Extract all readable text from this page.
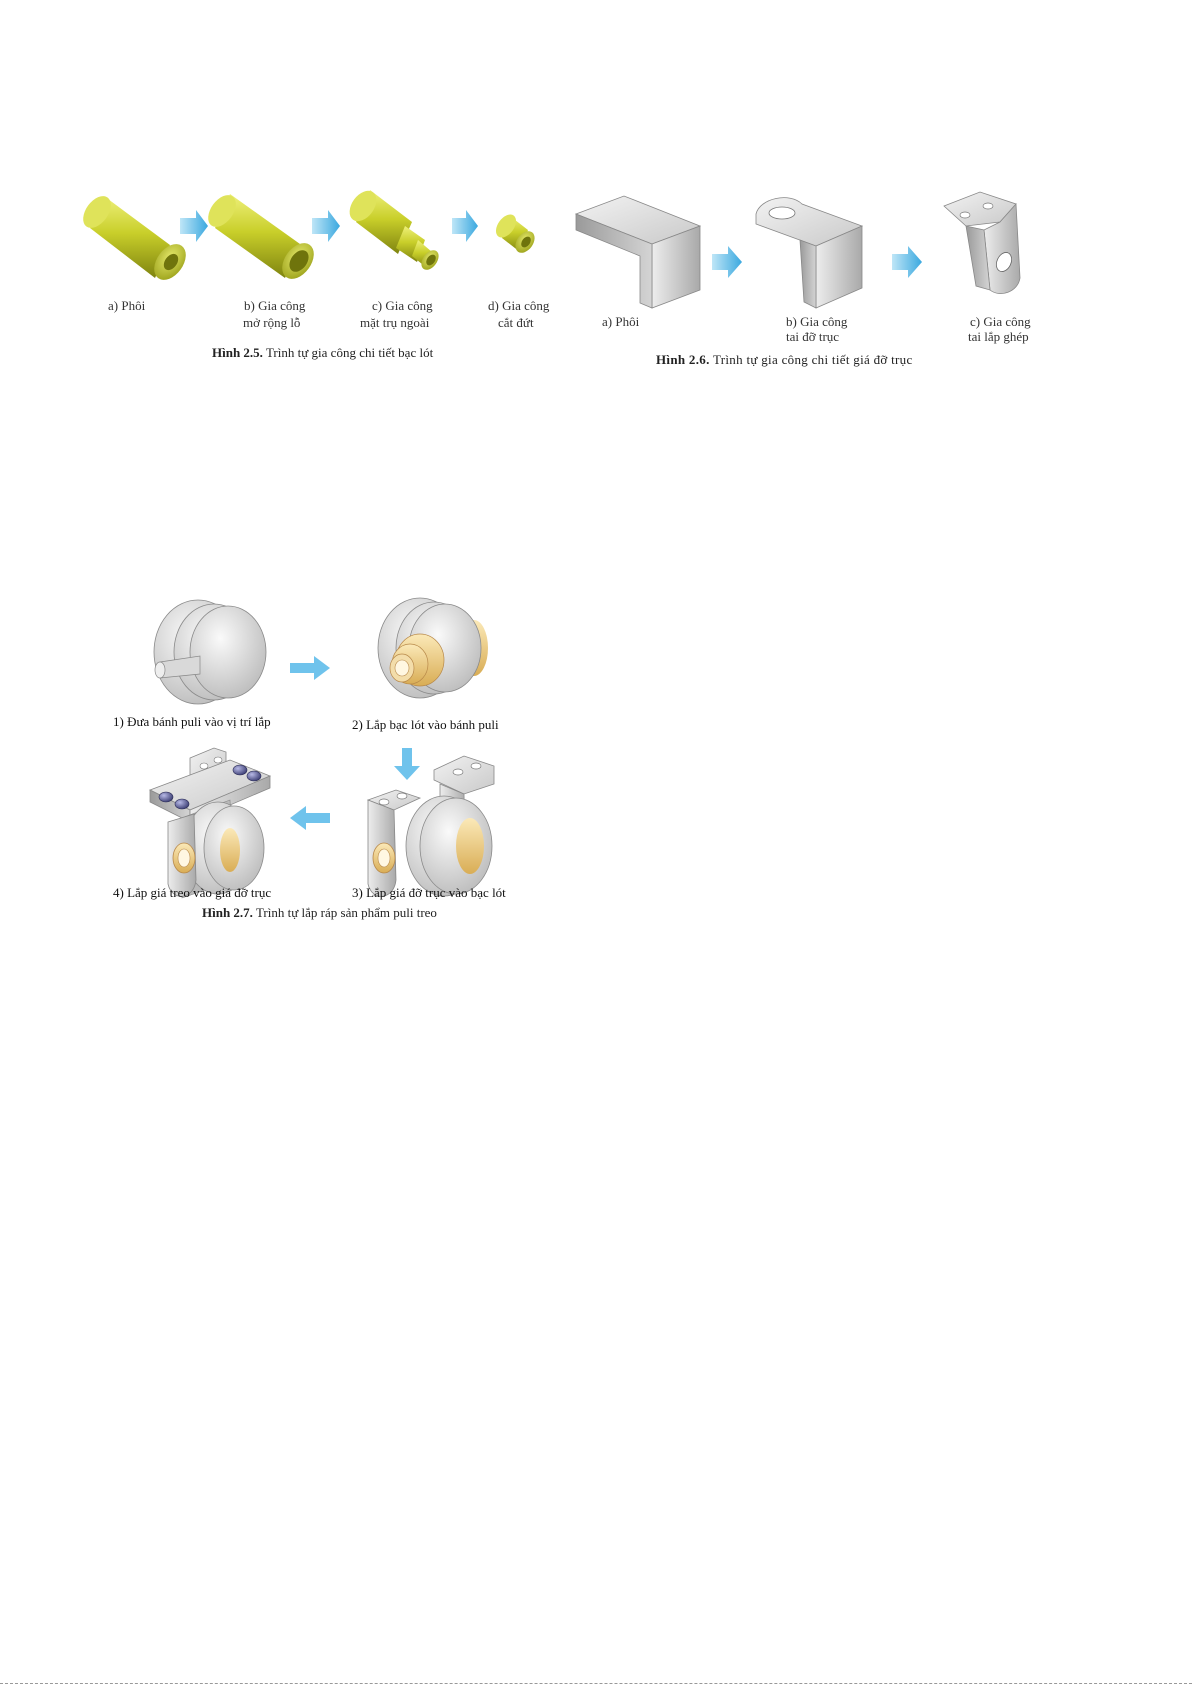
a) Phôi	b) Gia công
mở rộng lỗ
c) Gia công
mặt trụ ngoài
d) Gia công
cắt đứt
Hình 2.5. Trình tự gia công chi tiết bạc lót
a) Phôi	b) Gia công
tai đỡ trục
c) Gia công
tai lắp ghép
Hình 2.6. Trình tự gia công chi tiết giá đỡ trục
1) Đưa bánh puli vào vị trí lắp	2) Lắp bạc lót vào bánh puli
4) Lắp giá treo vào giá đỡ trục	3) Lắp giá đỡ trục vào bạc lót
Hình 2.7. Trình tự lắp ráp sản phẩm puli treo
